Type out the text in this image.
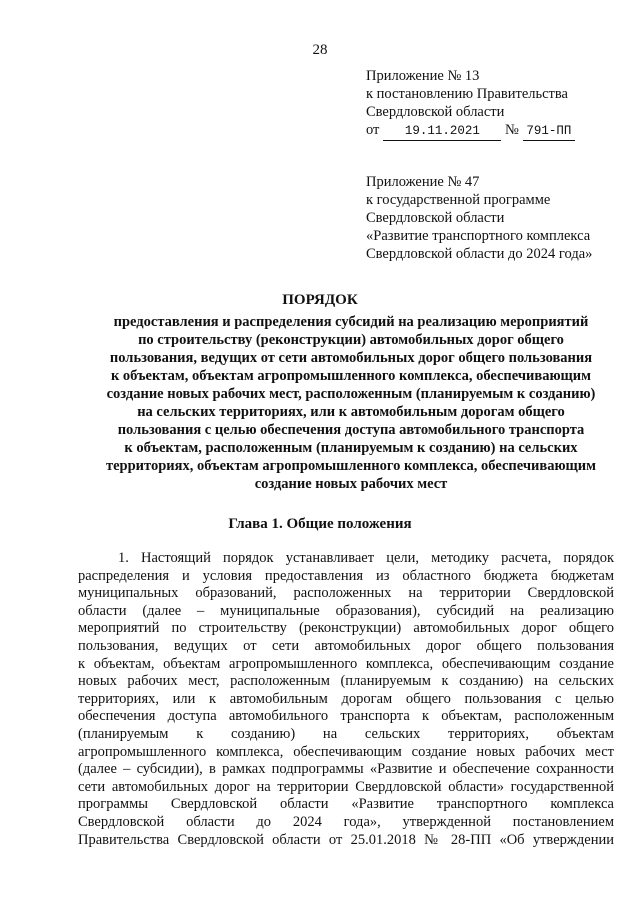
28
Приложение № 13
к постановлению Правительства
Свердловской области
от 19.11.2021 № 791-ПП
Приложение № 47
к государственной программе
Свердловской области
«Развитие транспортного комплекса
Свердловской области до 2024 года»
ПОРЯДОК
предоставления и распределения субсидий на реализацию мероприятий
по строительству (реконструкции) автомобильных дорог общего
пользования, ведущих от сети автомобильных дорог общего пользования
к объектам, объектам агропромышленного комплекса, обеспечивающим
создание новых рабочих мест, расположенным (планируемым к созданию)
на сельских территориях, или к автомобильным дорогам общего
пользования с целью обеспечения доступа автомобильного транспорта
к объектам, расположенным (планируемым к созданию) на сельских
территориях, объектам агропромышленного комплекса, обеспечивающим
создание новых рабочих мест
Глава 1. Общие положения
1. Настоящий порядок устанавливает цели, методику расчета, порядок
распределения и условия предоставления из областного бюджета бюджетам
муниципальных образований, расположенных на территории Свердловской
области (далее – муниципальные образования), субсидий на реализацию
мероприятий по строительству (реконструкции) автомобильных дорог общего
пользования, ведущих от сети автомобильных дорог общего пользования
к объектам, объектам агропромышленного комплекса, обеспечивающим создание
новых рабочих мест, расположенным (планируемым к созданию) на сельских
территориях, или к автомобильным дорогам общего пользования с целью
обеспечения доступа автомобильного транспорта к объектам, расположенным
(планируемым к созданию) на сельских территориях, объектам
агропромышленного комплекса, обеспечивающим создание новых рабочих мест
(далее – субсидии), в рамках подпрограммы «Развитие и обеспечение сохранности
сети автомобильных дорог на территории Свердловской области» государственной
программы Свердловской области «Развитие транспортного комплекса
Свердловской области до 2024 года», утвержденной постановлением
Правительства Свердловской области от 25.01.2018 № 28-ПП «Об утверждении
